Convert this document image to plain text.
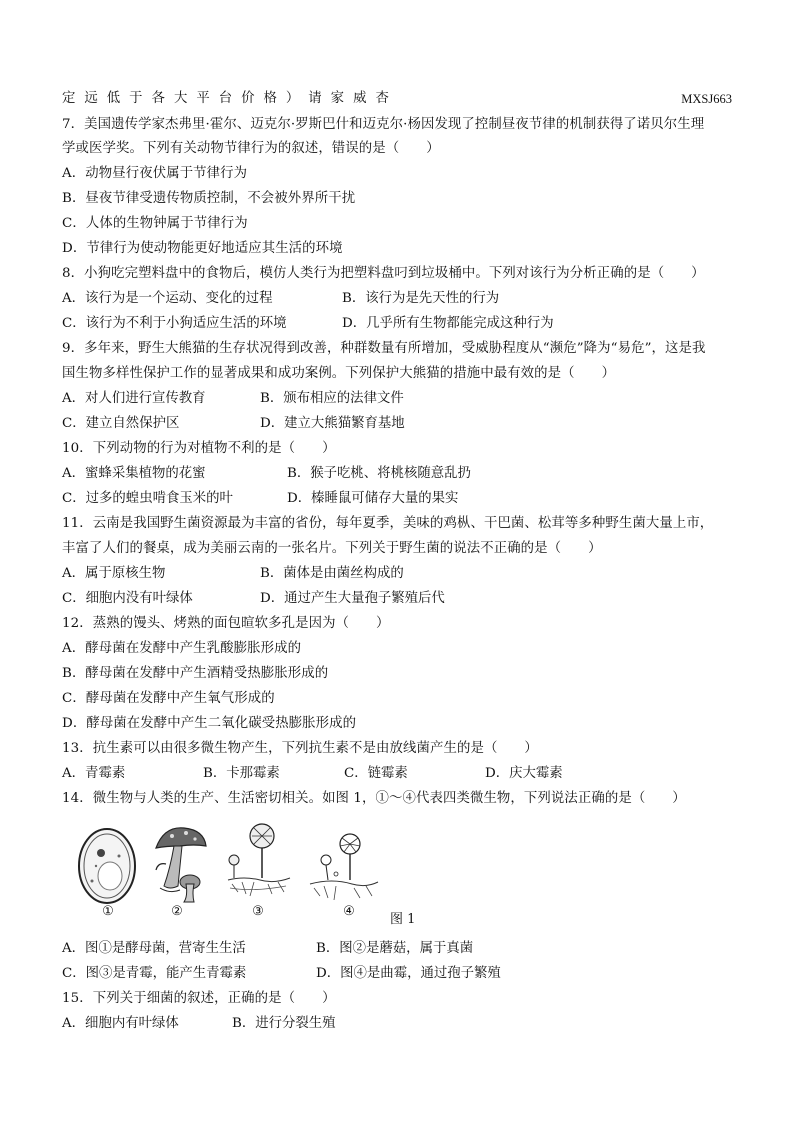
定远低于各大平台价格）请家威杏	MXSJ663
7．美国遗传学家杰弗里·霍尔、迈克尔·罗斯巴什和迈克尔·杨因发现了控制昼夜节律的机制获得了诺贝尔生理
学或医学奖。下列有关动物节律行为的叙述，错误的是（　　）
A．动物昼行夜伏属于节律行为
B．昼夜节律受遗传物质控制，不会被外界所干扰
C．人体的生物钟属于节律行为
D．节律行为使动物能更好地适应其生活的环境
8．小狗吃完塑料盘中的食物后，模仿人类行为把塑料盘叼到垃圾桶中。下列对该行为分析正确的是（　　）
A．该行为是一个运动、变化的过程	B．该行为是先天性的行为
C．该行为不利于小狗适应生活的环境	D．几乎所有生物都能完成这种行为
9．多年来，野生大熊猫的生存状况得到改善，种群数量有所增加，受威胁程度从“濒危”降为“易危”，这是我
国生物多样性保护工作的显著成果和成功案例。下列保护大熊猫的措施中最有效的是（　　）
A．对人们进行宣传教育	B．颁布相应的法律文件
C．建立自然保护区	D．建立大熊猫繁育基地
10．下列动物的行为对植物不利的是（　　）
A．蜜蜂采集植物的花蜜	B．猴子吃桃、将桃核随意乱扔
C．过多的蝗虫啃食玉米的叶	D．榛睡鼠可储存大量的果实
11．云南是我国野生菌资源最为丰富的省份，每年夏季，美味的鸡枞、干巴菌、松茸等多种野生菌大量上市，
丰富了人们的餐桌，成为美丽云南的一张名片。下列关于野生菌的说法不正确的是（　　）
A．属于原核生物	B．菌体是由菌丝构成的
C．细胞内没有叶绿体	D．通过产生大量孢子繁殖后代
12．蒸熟的馒头、烤熟的面包暄软多孔是因为（　　）
A．酵母菌在发酵中产生乳酸膨胀形成的
B．酵母菌在发酵中产生酒精受热膨胀形成的
C．酵母菌在发酵中产生氧气形成的
D．酵母菌在发酵中产生二氧化碳受热膨胀形成的
13．抗生素可以由很多微生物产生，下列抗生素不是由放线菌产生的是（　　）
A．青霉素	B．卡那霉素	C．链霉素	D．庆大霉素
14．微生物与人类的生产、生活密切相关。如图 1，①～④代表四类微生物，下列说法正确的是（　　）
①	②	③	④
图 1
A．图①是酵母菌，营寄生生活	B．图②是蘑菇，属于真菌
C．图③是青霉，能产生青霉素	D．图④是曲霉，通过孢子繁殖
15．下列关于细菌的叙述，正确的是（　　）
A．细胞内有叶绿体	B．进行分裂生殖
